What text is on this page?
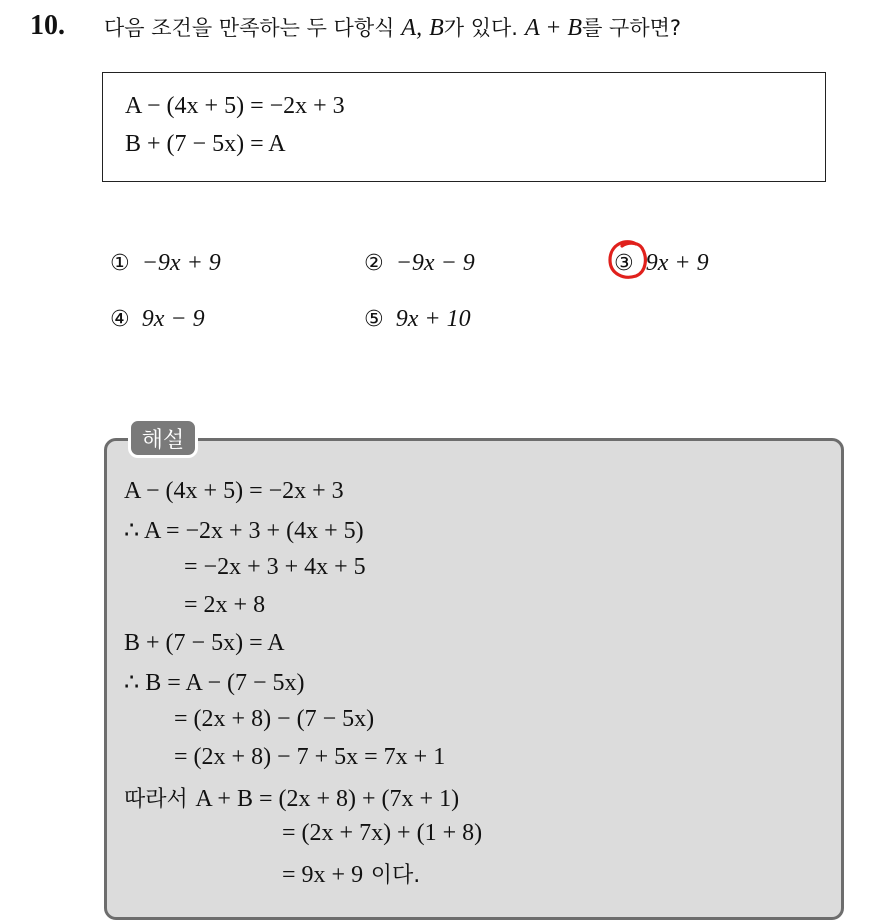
10. 다음 조건을 만족하는 두 다항식 A, B가 있다. A + B를 구하면?
A − (4x + 5) = −2x + 3
B + (7 − 5x) = A
① −9x + 9	② −9x − 9	③ 9x + 9
④ 9x − 9	⑤ 9x + 10
해설
A − (4x + 5) = −2x + 3
∴ A = −2x + 3 + (4x + 5)
= −2x + 3 + 4x + 5
= 2x + 8
B + (7 − 5x) = A
∴ B = A − (7 − 5x)
= (2x + 8) − (7 − 5x)
= (2x + 8) − 7 + 5x = 7x + 1
따라서 A + B = (2x + 8) + (7x + 1)
= (2x + 7x) + (1 + 8)
= 9x + 9 이다.
